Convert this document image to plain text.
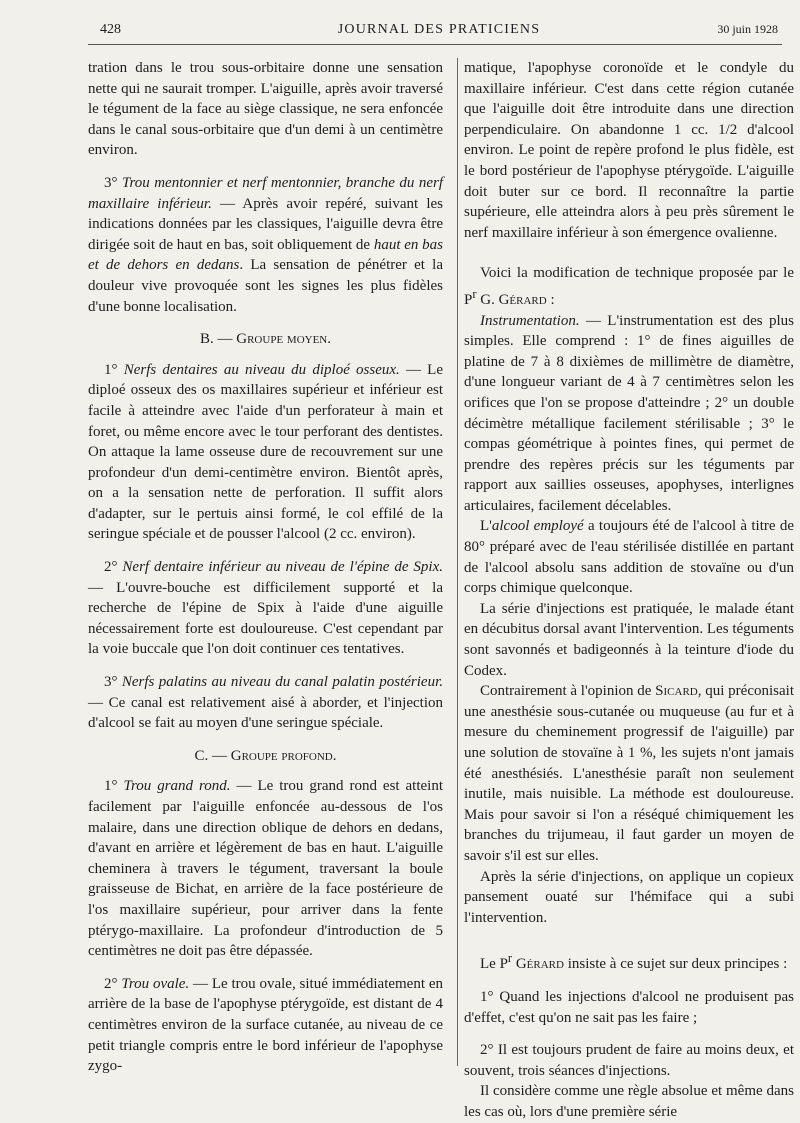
428	JOURNAL DES PRATICIENS	30 juin 1928

tration dans le trou sous-orbitaire donne une sensation nette qui ne saurait tromper. L'aiguille, après avoir traversé le tégument de la face au siège classique, ne sera enfoncée dans le canal sous-orbitaire que d'un demi à un centimètre environ.

3° Trou mentonnier et nerf mentonnier, branche du nerf maxillaire inférieur. — Après avoir repéré, suivant les indications données par les classiques, l'aiguille devra être dirigée soit de haut en bas, soit obliquement de haut en bas et de dehors en dedans. La sensation de pénétrer et la douleur vive provoquée sont les signes les plus fidèles d'une bonne localisation.

B. — Groupe moyen.

1° Nerfs dentaires au niveau du diploé osseux. — Le diploé osseux des os maxillaires supérieur et inférieur est facile à atteindre avec l'aide d'un perforateur à main et foret, ou même encore avec le tour perforant des dentistes. On attaque la lame osseuse dure de recouvrement sur une profondeur d'un demi-centimètre environ. Bientôt après, on a la sensation nette de perforation. Il suffit alors d'adapter, sur le pertuis ainsi formé, le col effilé de la seringue spéciale et de pousser l'alcool (2 cc. environ).

2° Nerf dentaire inférieur au niveau de l'épine de Spix. — L'ouvre-bouche est difficilement supporté et la recherche de l'épine de Spix à l'aide d'une aiguille nécessairement forte est douloureuse. C'est cependant par la voie buccale que l'on doit continuer ces tentatives.

3° Nerfs palatins au niveau du canal palatin postérieur. — Ce canal est relativement aisé à aborder, et l'injection d'alcool se fait au moyen d'une seringue spéciale.

C. — Groupe profond.

1° Trou grand rond. — Le trou grand rond est atteint facilement par l'aiguille enfoncée au-dessous de l'os malaire, dans une direction oblique de dehors en dedans, d'avant en arrière et légèrement de bas en haut. L'aiguille cheminera à travers le tégument, traversant la boule graisseuse de Bichat, en arrière de la face postérieure de l'os maxillaire supérieur, pour arriver dans la fente ptérygo-maxillaire. La profondeur d'introduction de 5 centimètres ne doit pas être dépassée.

2° Trou ovale. — Le trou ovale, situé immédiatement en arrière de la base de l'apophyse ptérygoïde, est distant de 4 centimètres environ de la surface cutanée, au niveau de ce petit triangle compris entre le bord inférieur de l'apophyse zygo-

matique, l'apophyse coronoïde et le condyle du maxillaire inférieur. C'est dans cette région cutanée que l'aiguille doit être introduite dans une direction perpendiculaire. On abandonne 1 cc. 1/2 d'alcool environ. Le point de repère profond le plus fidèle, est le bord postérieur de l'apophyse ptérygoïde. L'aiguille doit buter sur ce bord. Il reconnaître la partie supérieure, elle atteindra alors à peu près sûrement le nerf maxillaire inférieur à son émergence ovalienne.

Voici la modification de technique proposée par le $P^r$ G. Gérard :

Instrumentation. — L'instrumentation est des plus simples. Elle comprend : 1° de fines aiguilles de platine de 7 à 8 dixièmes de millimètre de diamètre, d'une longueur variant de 4 à 7 centimètres selon les orifices que l'on se propose d'atteindre ; 2° un double décimètre métallique facilement stérilisable ; 3° le compas géométrique à pointes fines, qui permet de prendre des repères précis sur les téguments par rapport aux saillies osseuses, apophyses, interlignes articulaires, facilement décelables.

L'alcool employé a toujours été de l'alcool à titre de 80° préparé avec de l'eau stérilisée distillée en partant de l'alcool absolu sans addition de stovaïne ou d'un corps chimique quelconque.

La série d'injections est pratiquée, le malade étant en décubitus dorsal avant l'intervention. Les téguments sont savonnés et badigeonnés à la teinture d'iode du Codex.

Contrairement à l'opinion de Sicard, qui préconisait une anesthésie sous-cutanée ou muqueuse (au fur et à mesure du cheminement progressif de l'aiguille) par une solution de stovaïne à 1 %, les sujets n'ont jamais été anesthésiés. L'anesthésie paraît non seulement inutile, mais nuisible. La méthode est douloureuse. Mais pour savoir si l'on a réséqué chimiquement les branches du trijumeau, il faut garder un moyen de savoir s'il est sur elles.

Après la série d'injections, on applique un copieux pansement ouaté sur l'hémiface qui a subi l'intervention.

Le $P^r$ Gérard insiste à ce sujet sur deux principes :

1° Quand les injections d'alcool ne produisent pas d'effet, c'est qu'on ne sait pas les faire ;

2° Il est toujours prudent de faire au moins deux, et souvent, trois séances d'injections.

Il considère comme une règle absolue et même dans les cas où, lors d'une première série
